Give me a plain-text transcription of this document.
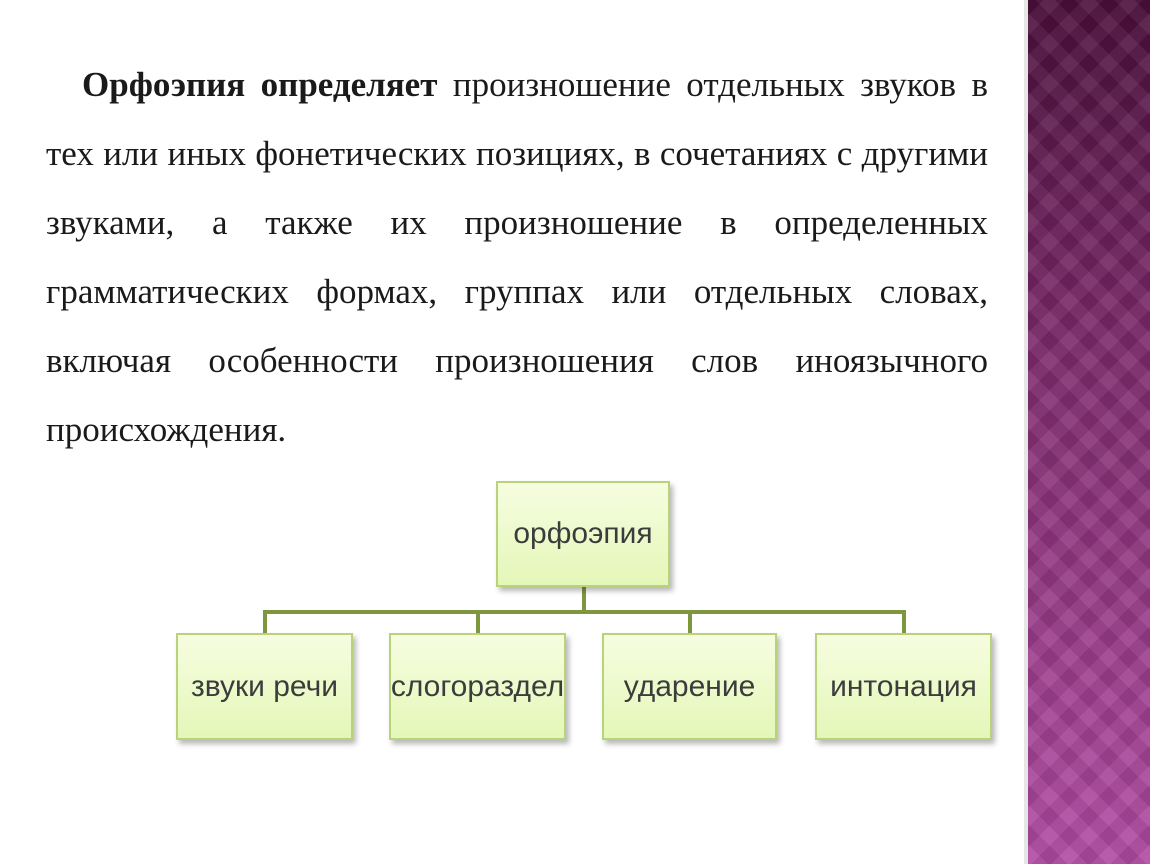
Орфоэпия определяет произношение отдельных звуков в тех или иных фонетических позициях, в сочетаниях с другими звуками, а также их произношение в определенных грамматических формах, группах или отдельных словах, включая особенности произношения слов иноязычного происхождения.

орфоэпия
звуки речи слогораздел ударение интонация
